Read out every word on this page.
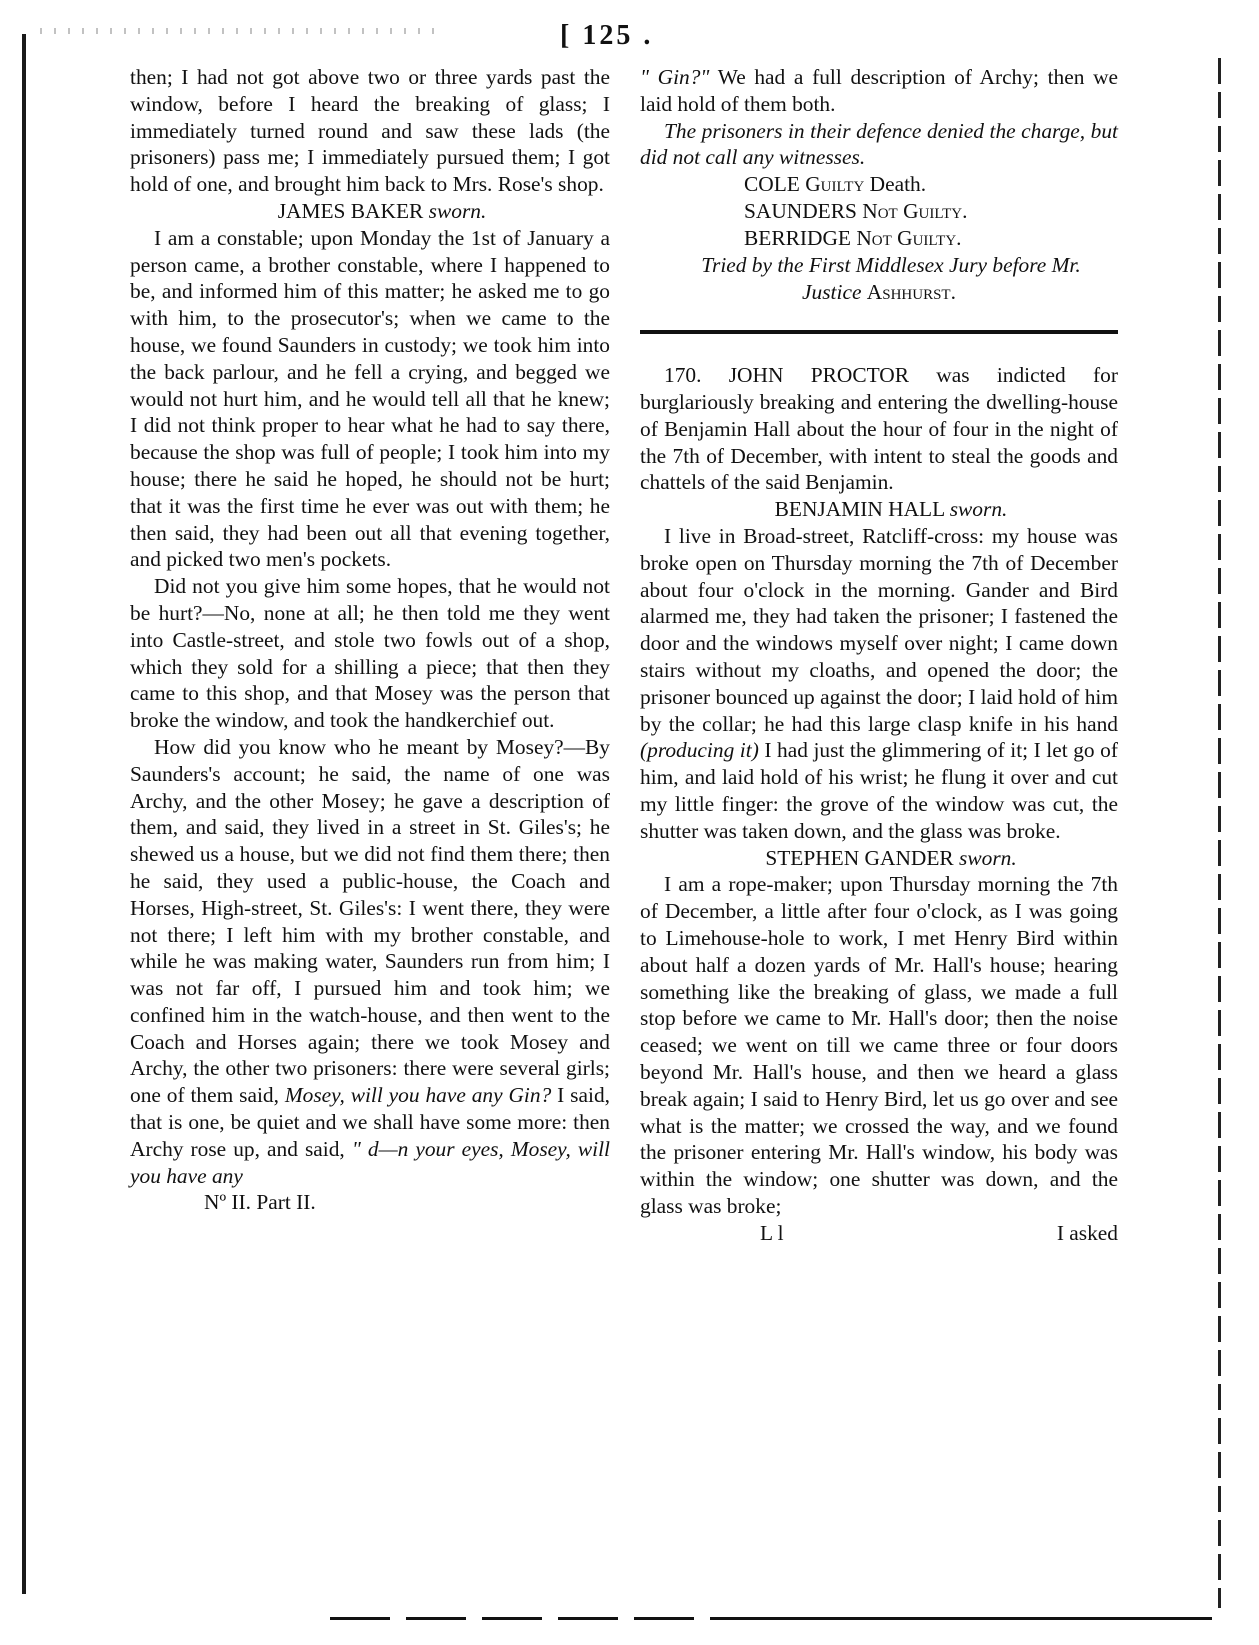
[ 125 .

then; I had not got above two or three yards past the window, before I heard the breaking of glass; I immediately turned round and saw these lads (the prisoners) pass me; I immediately pursued them; I got hold of one, and brought him back to Mrs. Rose's shop.

JAMES BAKER sworn.

I am a constable; upon Monday the 1st of January a person came, a brother constable, where I happened to be, and informed him of this matter; he asked me to go with him, to the prosecutor's; when we came to the house, we found Saunders in custody; we took him into the back parlour, and he fell a crying, and begged we would not hurt him, and he would tell all that he knew; I did not think proper to hear what he had to say there, because the shop was full of people; I took him into my house; there he said he hoped, he should not be hurt; that it was the first time he ever was out with them; he then said, they had been out all that evening together, and picked two men's pockets.

Did not you give him some hopes, that he would not be hurt?—No, none at all; he then told me they went into Castle-street, and stole two fowls out of a shop, which they sold for a shilling a piece; that then they came to this shop, and that Mosey was the person that broke the window, and took the handkerchief out.

How did you know who he meant by Mosey?—By Saunders's account; he said, the name of one was Archy, and the other Mosey; he gave a description of them, and said, they lived in a street in St. Giles's; he shewed us a house, but we did not find them there; then he said, they used a public-house, the Coach and Horses, High-street, St. Giles's: I went there, they were not there; I left him with my brother constable, and while he was making water, Saunders run from him; I was not far off, I pursued him and took him; we confined him in the watch-house, and then went to the Coach and Horses again; there we took Mosey and Archy, the other two prisoners: there were several girls; one of them said, Mosey, will you have any Gin? I said, that is one, be quiet and we shall have some more: then Archy rose up, and said, " d—n your eyes, Mosey, will you have any

Nº II. Part II.

" Gin?" We had a full description of Archy; then we laid hold of them both.

The prisoners in their defence denied the charge, but did not call any witnesses.

COLE Guilty Death.

SAUNDERS Not Guilty.

BERRIDGE Not Guilty.

Tried by the First Middlesex Jury before Mr.
Justice Ashhurst.

170. JOHN PROCTOR was indicted for burglariously breaking and entering the dwelling-house of Benjamin Hall about the hour of four in the night of the 7th of December, with intent to steal the goods and chattels of the said Benjamin.

BENJAMIN HALL sworn.

I live in Broad-street, Ratcliff-cross: my house was broke open on Thursday morning the 7th of December about four o'clock in the morning. Gander and Bird alarmed me, they had taken the prisoner; I fastened the door and the windows myself over night; I came down stairs without my cloaths, and opened the door; the prisoner bounced up against the door; I laid hold of him by the collar; he had this large clasp knife in his hand (producing it) I had just the glimmering of it; I let go of him, and laid hold of his wrist; he flung it over and cut my little finger: the grove of the window was cut, the shutter was taken down, and the glass was broke.

STEPHEN GANDER sworn.

I am a rope-maker; upon Thursday morning the 7th of December, a little after four o'clock, as I was going to Limehouse-hole to work, I met Henry Bird within about half a dozen yards of Mr. Hall's house; hearing something like the breaking of glass, we made a full stop before we came to Mr. Hall's door; then the noise ceased; we went on till we came three or four doors beyond Mr. Hall's house, and then we heard a glass break again; I said to Henry Bird, let us go over and see what is the matter; we crossed the way, and we found the prisoner entering Mr. Hall's window, his body was within the window; one shutter was down, and the glass was broke;

L l	I asked
